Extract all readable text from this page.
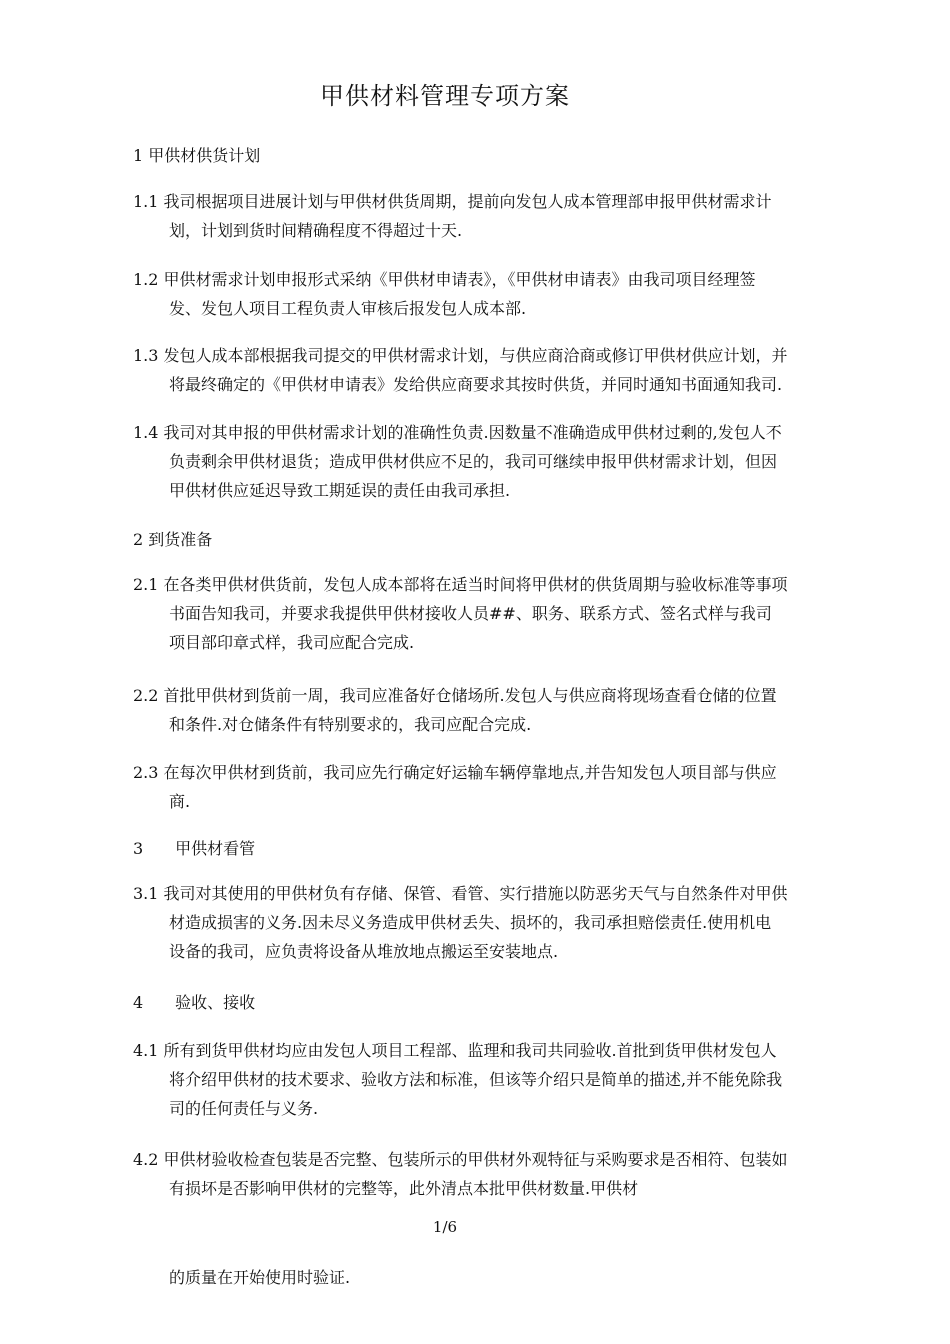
甲供材料管理专项方案
1 甲供材供货计划
1.1 我司根据项目进展计划与甲供材供货周期，提前向发包人成本管理部申报甲供材需求计
划，计划到货时间精确程度不得超过十天.
1.2 甲供材需求计划申报形式采纳《甲供材申请表》，《甲供材申请表》由我司项目经理签
发、发包人项目工程负责人审核后报发包人成本部.
1.3 发包人成本部根据我司提交的甲供材需求计划，与供应商洽商或修订甲供材供应计划，并
将最终确定的《甲供材申请表》发给供应商要求其按时供货，并同时通知书面通知我司.
1.4 我司对其申报的甲供材需求计划的准确性负责.因数量不准确造成甲供材过剩的,发包人不
负责剩余甲供材退货；造成甲供材供应不足的，我司可继续申报甲供材需求计划，但因
甲供材供应延迟导致工期延误的责任由我司承担.
2 到货准备
2.1 在各类甲供材供货前，发包人成本部将在适当时间将甲供材的供货周期与验收标准等事项
书面告知我司，并要求我提供甲供材接收人员##、职务、联系方式、签名式样与我司
项目部印章式样，我司应配合完成.
2.2 首批甲供材到货前一周，我司应准备好仓储场所.发包人与供应商将现场查看仓储的位置
和条件.对仓储条件有特别要求的，我司应配合完成.
2.3 在每次甲供材到货前，我司应先行确定好运输车辆停靠地点,并告知发包人项目部与供应
商.
3　　甲供材看管
3.1 我司对其使用的甲供材负有存储、保管、看管、实行措施以防恶劣天气与自然条件对甲供
材造成损害的义务.因未尽义务造成甲供材丢失、损坏的，我司承担赔偿责任.使用机电
设备的我司，应负责将设备从堆放地点搬运至安装地点.
4　　验收、接收
4.1 所有到货甲供材均应由发包人项目工程部、监理和我司共同验收.首批到货甲供材发包人
将介绍甲供材的技术要求、验收方法和标准，但该等介绍只是简单的描述,并不能免除我
司的任何责任与义务.
4.2 甲供材验收检查包装是否完整、包装所示的甲供材外观特征与采购要求是否相符、包装如
有损坏是否影响甲供材的完整等，此外清点本批甲供材数量.甲供材
1/6
的质量在开始使用时验证.
